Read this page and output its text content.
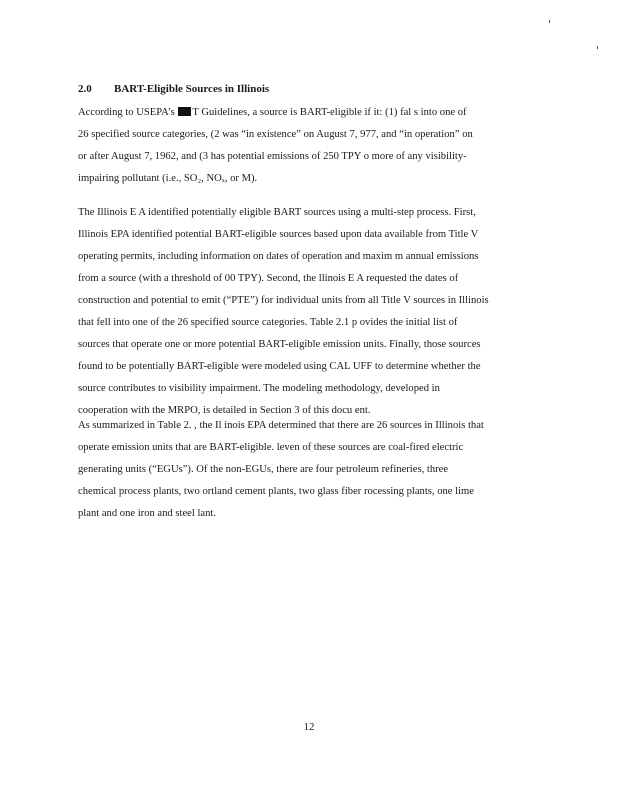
2.0 BART-Eligible Sources in Illinois
According to USEPA’s T Guidelines, a source is BART-eligible if it: (1) fal s into one of
26 specified source categories, (2 was “in existence” on August 7, 977, and “in operation” on
or after August 7, 1962, and (3 has potential emissions of 250 TPY o more of any visibility-
impairing pollutant (i.e., SO₂, NOₓ, or M).
The Illinois E A identified potentially eligible BART sources using a multi-step process. First,
Illinois EPA identified potential BART-eligible sources based upon data available from Title V
operating permits, including information on dates of operation and maxim m annual emissions
from a source (with a threshold of 00 TPY). Second, the llinois E A requested the dates of
construction and potential to emit (“PTE”) for individual units from all Title V sources in Illinois
that fell into one of the 26 specified source categories. Table 2.1 p ovides the initial list of
sources that operate one or more potential BART-eligible emission units. Finally, those sources
found to be potentially BART-eligible were modeled using CAL UFF to determine whether the
source contributes to visibility impairment. The modeling methodology, developed in
cooperation with the MRPO, is detailed in Section 3 of this docu ent.
As summarized in Table 2. , the Il inois EPA determined that there are 26 sources in Illinois that
operate emission units that are BART-eligible. leven of these sources are coal-fired electric
generating units (“EGUs”). Of the non-EGUs, there are four petroleum refineries, three
chemical process plants, two ortland cement plants, two glass fiber rocessing plants, one lime
plant and one iron and steel lant.
12
